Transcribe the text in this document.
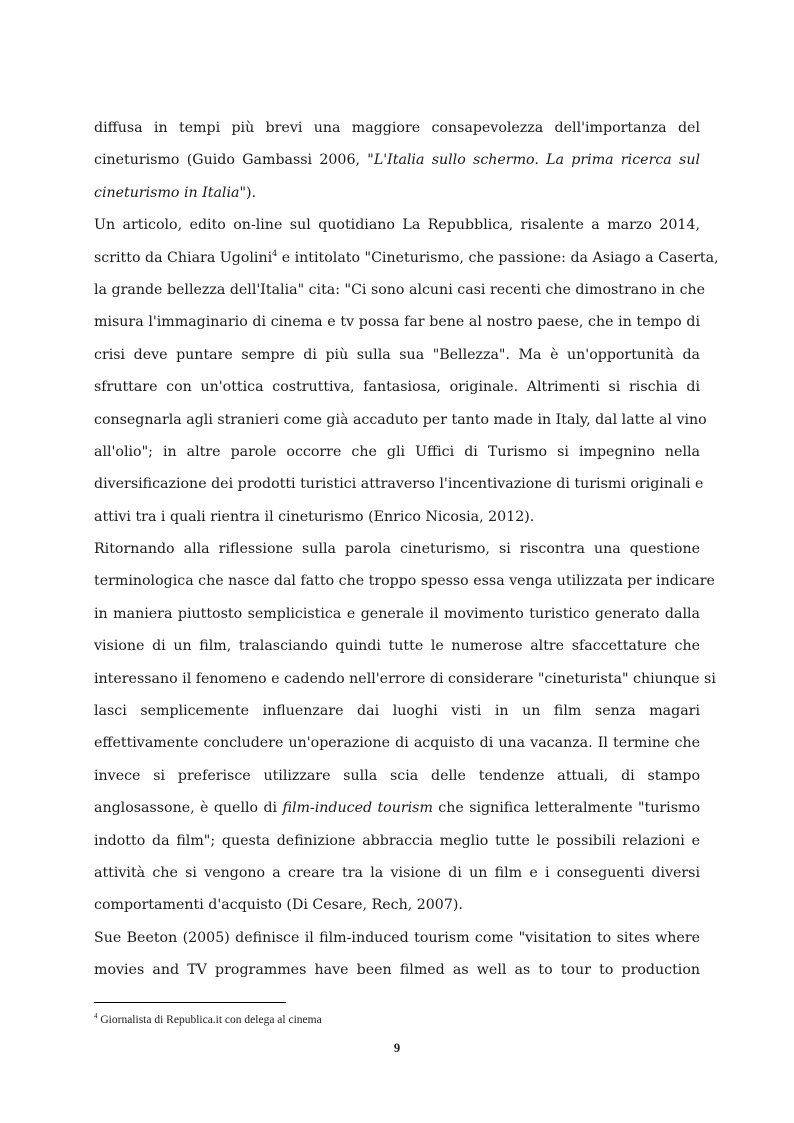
diffusa in tempi più brevi una maggiore consapevolezza dell'importanza del
cineturismo (Guido Gambassi 2006, "L'Italia sullo schermo. La prima ricerca sul
cineturismo in Italia").
Un articolo, edito on-line sul quotidiano La Repubblica, risalente a marzo 2014,
scritto da Chiara Ugolini$^4$ e intitolato "Cineturismo, che passione: da Asiago a Caserta,
la grande bellezza dell'Italia" cita: "Ci sono alcuni casi recenti che dimostrano in che
misura l'immaginario di cinema e tv possa far bene al nostro paese, che in tempo di
crisi deve puntare sempre di più sulla sua "Bellezza". Ma è un'opportunità da
sfruttare con un'ottica costruttiva, fantasiosa, originale. Altrimenti si rischia di
consegnarla agli stranieri come già accaduto per tanto made in Italy, dal latte al vino
all'olio"; in altre parole occorre che gli Uffici di Turismo si impegnino nella
diversificazione dei prodotti turistici attraverso l'incentivazione di turismi originali e
attivi tra i quali rientra il cineturismo (Enrico Nicosia, 2012).
Ritornando alla riflessione sulla parola cineturismo, si riscontra una questione
terminologica che nasce dal fatto che troppo spesso essa venga utilizzata per indicare
in maniera piuttosto semplicistica e generale il movimento turistico generato dalla
visione di un film, tralasciando quindi tutte le numerose altre sfaccettature che
interessano il fenomeno e cadendo nell'errore di considerare "cineturista" chiunque si
lasci semplicemente influenzare dai luoghi visti in un film senza magari
effettivamente concludere un'operazione di acquisto di una vacanza. Il termine che
invece si preferisce utilizzare sulla scia delle tendenze attuali, di stampo
anglosassone, è quello di film-induced tourism che significa letteralmente "turismo
indotto da film"; questa definizione abbraccia meglio tutte le possibili relazioni e
attività che si vengono a creare tra la visione di un film e i conseguenti diversi
comportamenti d'acquisto (Di Cesare, Rech, 2007).
Sue Beeton (2005) definisce il film-induced tourism come "visitation to sites where
movies and TV programmes have been filmed as well as to tour to production
$^4$ Giornalista di Republica.it con delega al cinema
9
